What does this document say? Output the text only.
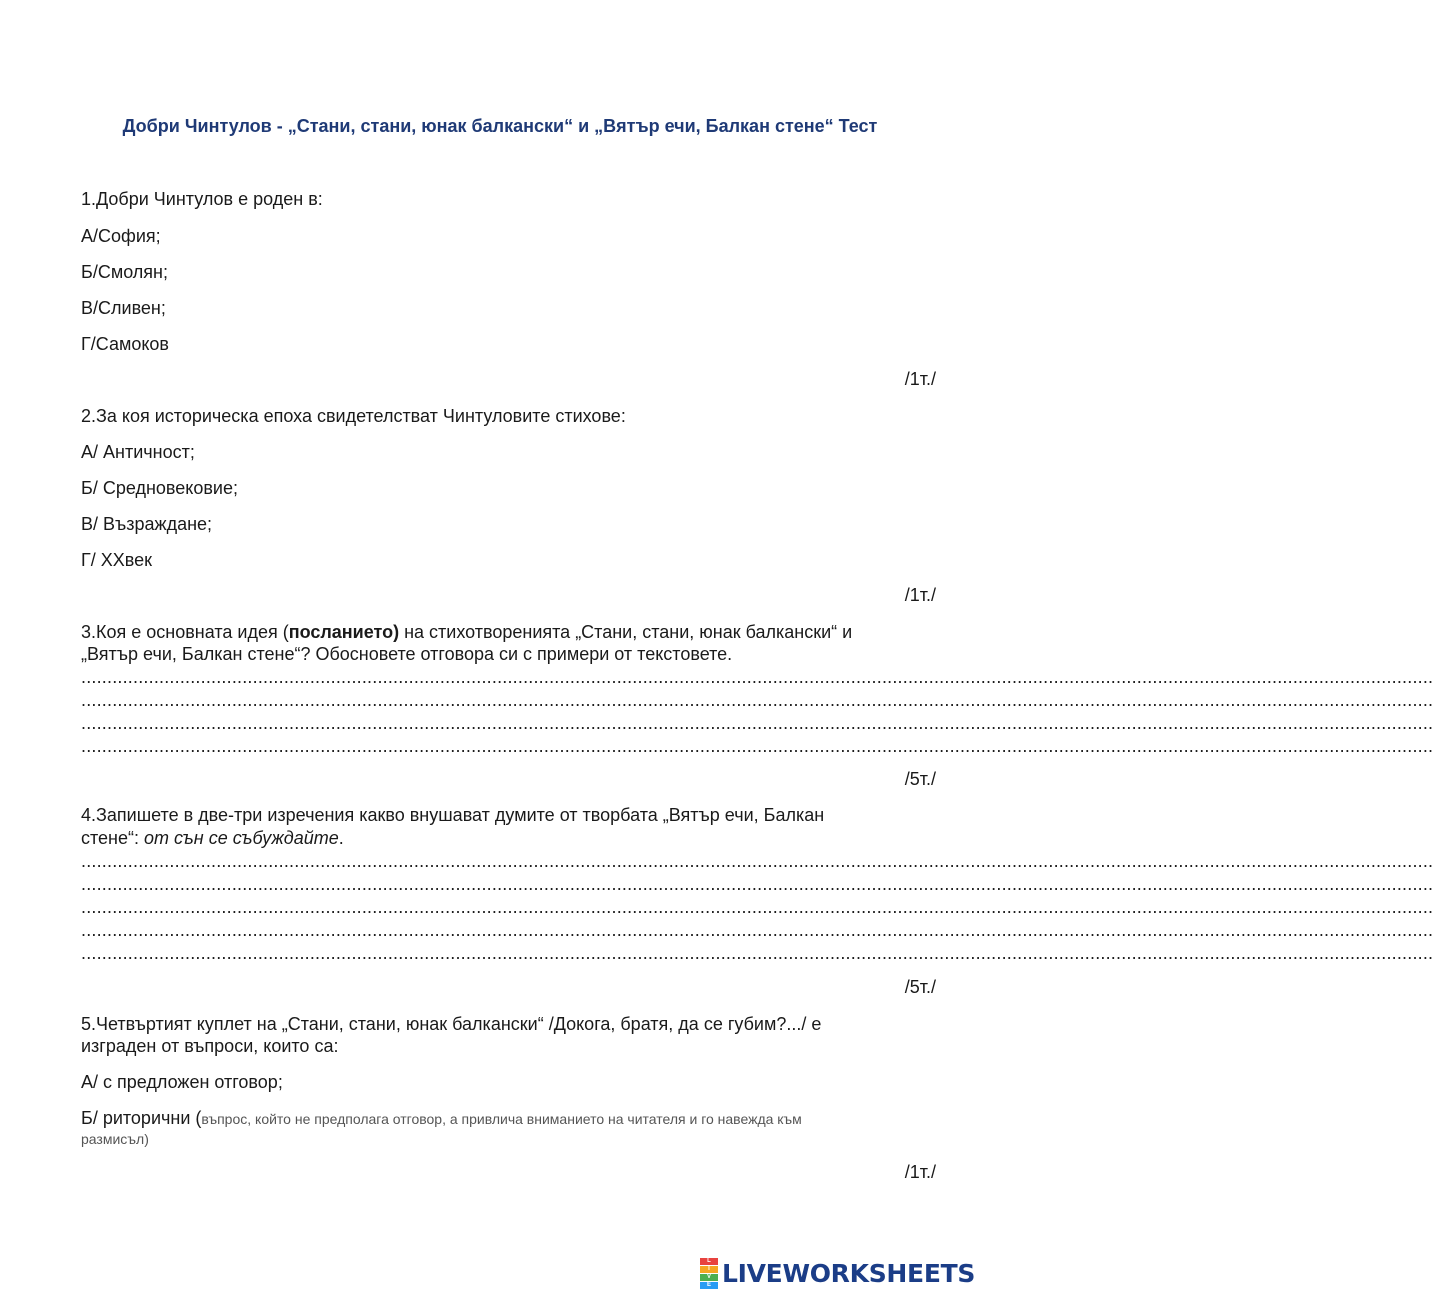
Добри Чинтулов - „Стани, стани, юнак балкански“ и „Вятър ечи, Балкан стене“ Тест
1.Добри Чинтулов е роден в:
А/София;
Б/Смолян;
В/Сливен;
Г/Самоков
/1т./
2.За коя историческа епоха свидетелстват Чинтуловите стихове:
А/ Античност;
Б/ Средновековие;
В/ Възраждане;
Г/ XXвек
/1т./
3.Коя е основната идея (посланието) на стихотворенията „Стани, стани, юнак балкански“ и
„Вятър ечи, Балкан стене“? Обосновете отговора си с примери от текстовете.
....................................................................................................................................................................................................................................................................
....................................................................................................................................................................................................................................................................
....................................................................................................................................................................................................................................................................
....................................................................................................................................................................................................................................................................
/5т./
4.Запишете в две-три изречения какво внушават думите от творбата „Вятър ечи, Балкан
стене“: от сън се събуждайте.
....................................................................................................................................................................................................................................................................
....................................................................................................................................................................................................................................................................
....................................................................................................................................................................................................................................................................
....................................................................................................................................................................................................................................................................
....................................................................................................................................................................................................................................................................
/5т./
5.Четвъртият куплет на „Стани, стани, юнак балкански“ /Докога, братя, да се губим?.../ е
изграден от въпроси, които са:
А/ с предложен отговор;
Б/ риторични (въпрос, който не предполага отговор, а привлича вниманието на читателя и го навежда към
размисъл)
/1т./
L
I
V
E LIVEWORKSHEETS
